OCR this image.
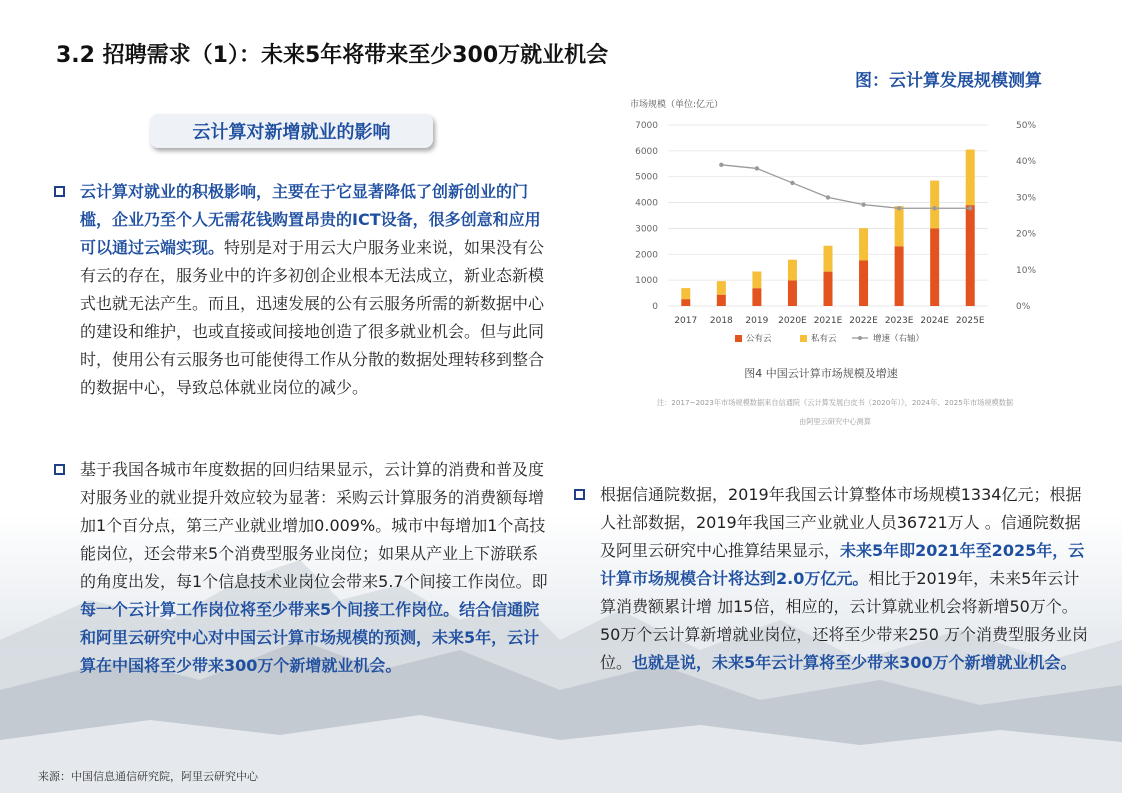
3.2 招聘需求（1）：未来5年将带来至少300万就业机会
图：云计算发展规模测算
云计算对新增就业的影响
云计算对就业的积极影响，主要在于它显著降低了创新创业的门槛，企业乃至个人无需花钱购置昂贵的ICT设备，很多创意和应用可以通过云端实现。特别是对于用云大户服务业来说，如果没有公有云的存在，服务业中的许多初创企业根本无法成立，新业态新模式也就无法产生。而且，迅速发展的公有云服务所需的新数据中心的建设和维护，也或直接或间接地创造了很多就业机会。但与此同时，使用公有云服务也可能使得工作从分散的数据处理转移到整合的数据中心，导致总体就业岗位的减少。
基于我国各城市年度数据的回归结果显示，云计算的消费和普及度对服务业的就业提升效应较为显著：采购云计算服务的消费额每增加1个百分点，第三产业就业增加0.009%。城市中每增加1个高技能岗位，还会带来5个消费型服务业岗位；如果从产业上下游联系的角度出发，每1个信息技术业岗位会带来5.7个间接工作岗位。即每一个云计算工作岗位将至少带来5个间接工作岗位。结合信通院和阿里云研究中心对中国云计算市场规模的预测，未来5年，云计算在中国将至少带来300万个新增就业机会。
根据信通院数据，2019年我国云计算整体市场规模1334亿元；根据人社部数据，2019年我国三产业就业人员36721万人 。信通院数据及阿里云研究中心推算结果显示，未来5年即2021年至2025年，云计算市场规模合计将达到2.0万亿元。相比于2019年，未来5年云计算消费额累计增 加15倍，相应的，云计算就业机会将新增50万个。50万个云计算新增就业岗位，还将至少带来250 万个消费型服务业岗位。也就是说，未来5年云计算将至少带来300万个新增就业机会。
市场规模（单位:亿元）
7000
6000
5000
4000
3000
2000
1000
0
50%
40%
30%
20%
10%
0%
2017 2018 2019 2020E 2021E 2022E 2023E 2024E 2025E
公有云	私有云	增速（右轴）
图4 中国云计算市场规模及增速
注：2017~2023年市场规模数据来自信通院《云计算发展白皮书（2020年）》，2024年、2025年市场规模数据
由阿里云研究中心测算
来源：中国信息通信研究院，阿里云研究中心
